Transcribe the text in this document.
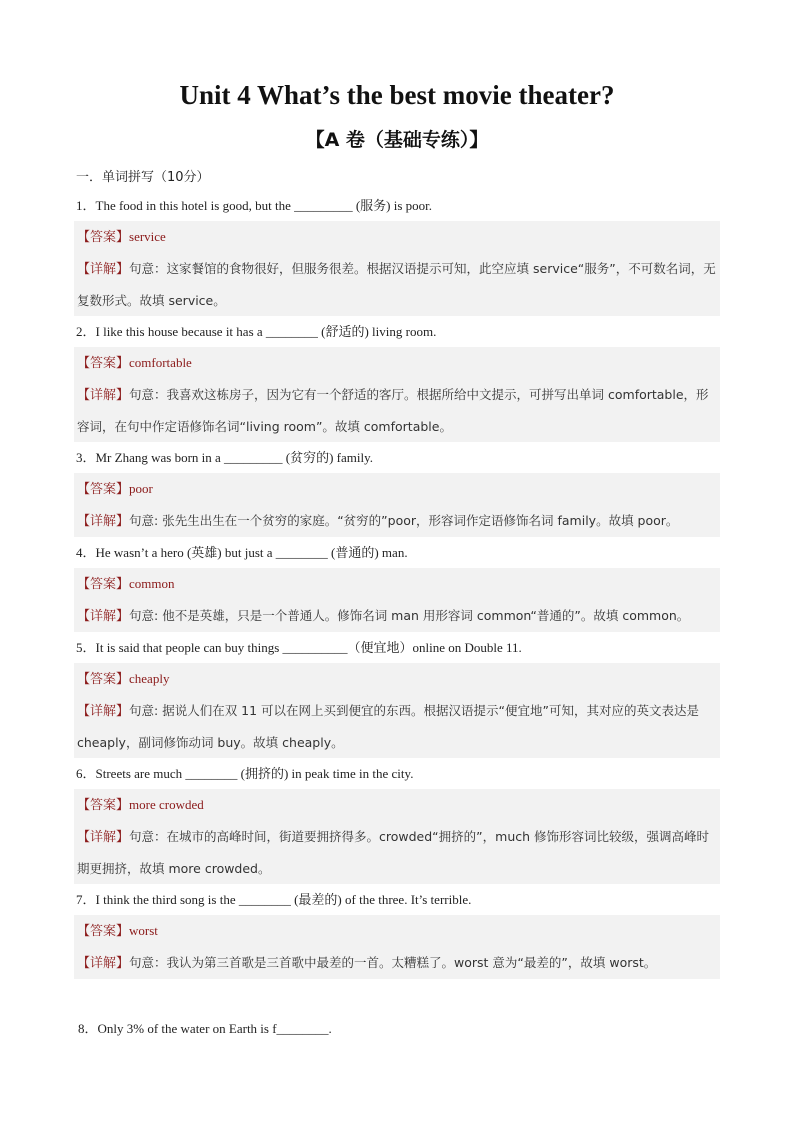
Unit 4 What’s the best movie theater?
【A 卷（基础专练）】
一．单词拼写（10分）
1．The food in this hotel is good, but the _________ (服务) is poor.
【答案】service
【详解】句意：这家餐馆的食物很好，但服务很差。根据汉语提示可知，此空应填 service“服务”，不可数名词，无复数形式。故填 service。
2．I like this house because it has a ________ (舒适的) living room.
【答案】comfortable
【详解】句意：我喜欢这栋房子，因为它有一个舒适的客厅。根据所给中文提示，可拼写出单词 comfortable，形容词，在句中作定语修饰名词“living room”。故填 comfortable。
3．Mr Zhang was born in a _________ (贫穷的) family.
【答案】poor
【详解】句意: 张先生出生在一个贫穷的家庭。“贫穷的”poor，形容词作定语修饰名词 family。故填 poor。
4．He wasn’t a hero (英雄) but just a ________ (普通的) man.
【答案】common
【详解】句意: 他不是英雄，只是一个普通人。修饰名词 man 用形容词 common“普通的”。故填 common。
5．It is said that people can buy things __________（便宜地）online on Double 11.
【答案】cheaply
【详解】句意: 据说人们在双 11 可以在网上买到便宜的东西。根据汉语提示“便宜地”可知，其对应的英文表达是 cheaply，副词修饰动词 buy。故填 cheaply。
6．Streets are much ________ (拥挤的) in peak time in the city.
【答案】more crowded
【详解】句意：在城市的高峰时间，街道要拥挤得多。crowded“拥挤的”，much 修饰形容词比较级，强调高峰时期更拥挤，故填 more crowded。
7．I think the third song is the ________ (最差的) of the three. It’s terrible.
【答案】worst
【详解】句意：我认为第三首歌是三首歌中最差的一首。太糟糕了。worst 意为“最差的”，故填 worst。
8．Only 3% of the water on Earth is f________.
